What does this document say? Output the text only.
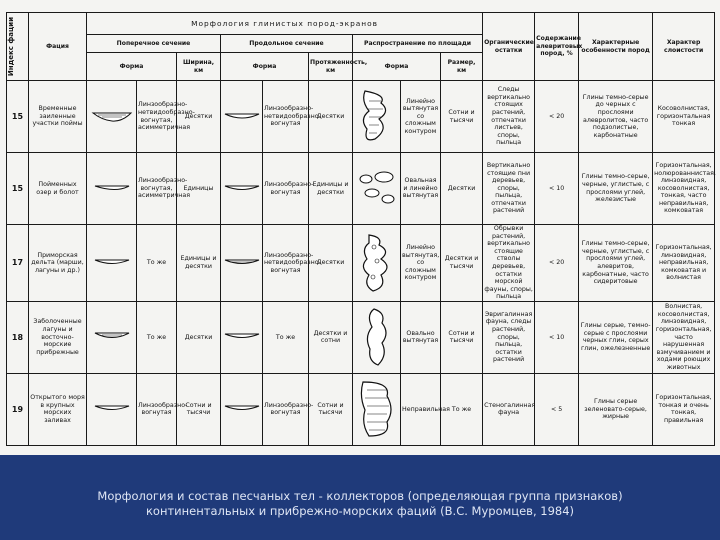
Индекс фации	Фация	Морфология глинистых пород-экранов									Органические остатки	Содержание алевритовых пород, %	Характерные особенности пород	Характер слоистости
		Поперечное сечение			Продольное сечение			Распространение по площади						
		Форма		Ширина, км	Форма		Протяженность, км	Форма		Размер, км				
15	Временные заиленные участки поймы		Линзообразно-нетвидообразно-вогнутая, асимметричная	Десятки		Линзообразно-нетвидообразно-вогнутая	Десятки		Линейно вытянутая со сложным контуром	Сотни и тысячи	Следы вертикально стоящих растений, отпечатки листьев, споры, пыльца	< 20	Глины темно-серые до черных с прослоями алевролитов, часто подзолистые, карбонатные	Косоволнистая, горизонтальная тонкая
15	Пойменных озер и болот		Линзообразно-вогнутая, асимметричная	Единицы		Линзообразно-вогнутая	Единицы и десятки		Овальная и линейно вытянутая	Десятки	Вертикально стоящие пни деревьев, споры, пыльца, отпечатки растений	< 10	Глины темно-серые, черные, углистые, с прослоями углей, железистые	Горизонтальная, нолюрованнистая, линзовидная, косоволнистая, тонкая, часто неправильная, комковатая
17	Приморская дельта (марши, лагуны и др.)		То же	Единицы и десятки		Линзообразно-нетвидообразно-вогнутая	Десятки		Линейно вытянутая, со сложным контуром	Десятки и тысячи	Обрывки растений, вертикально стоящие стволы деревьев, остатки морской фауны, споры, пыльца	< 20	Глины темно-серые, черные, углистые, с прослоями углей, алевритов, карбонатные, часто сидеритовые	Горизонтальная, линзовидная, неправильная, комковатая и волнистая
18	Заболоченные лагуны и восточно-морские прибрежные		То же	Десятки		То же	Десятки и сотни		Овально вытянутая	Сотни и тысячи	Эвригалинная фауна, следы растений, споры, пыльца, остатки растений	< 10	Глины серые, темно-серые с прослоями черных глин, серых глин, ожелезненные	Волнистая, косоволнистая, линзовидная, горизонтальная, часто нарушенная взмучиванием и ходами роющих животных
19	Открытого моря в крупных морских заливах		Линзообразно-вогнутая	Сотни и тысячи		Линзообразно-вогнутая	Сотни и тысячи		Неправильная	То же	Стеногалинная фауна	< 5	Глины серые зеленовато-серые, жирные	Горизонтальная, тонкая и очень тонкая, правильная
Морфология и состав песчаных тел - коллекторов (определяющая группа признаков)
континентальных и прибрежно-морских фаций (В.С. Муромцев, 1984)
